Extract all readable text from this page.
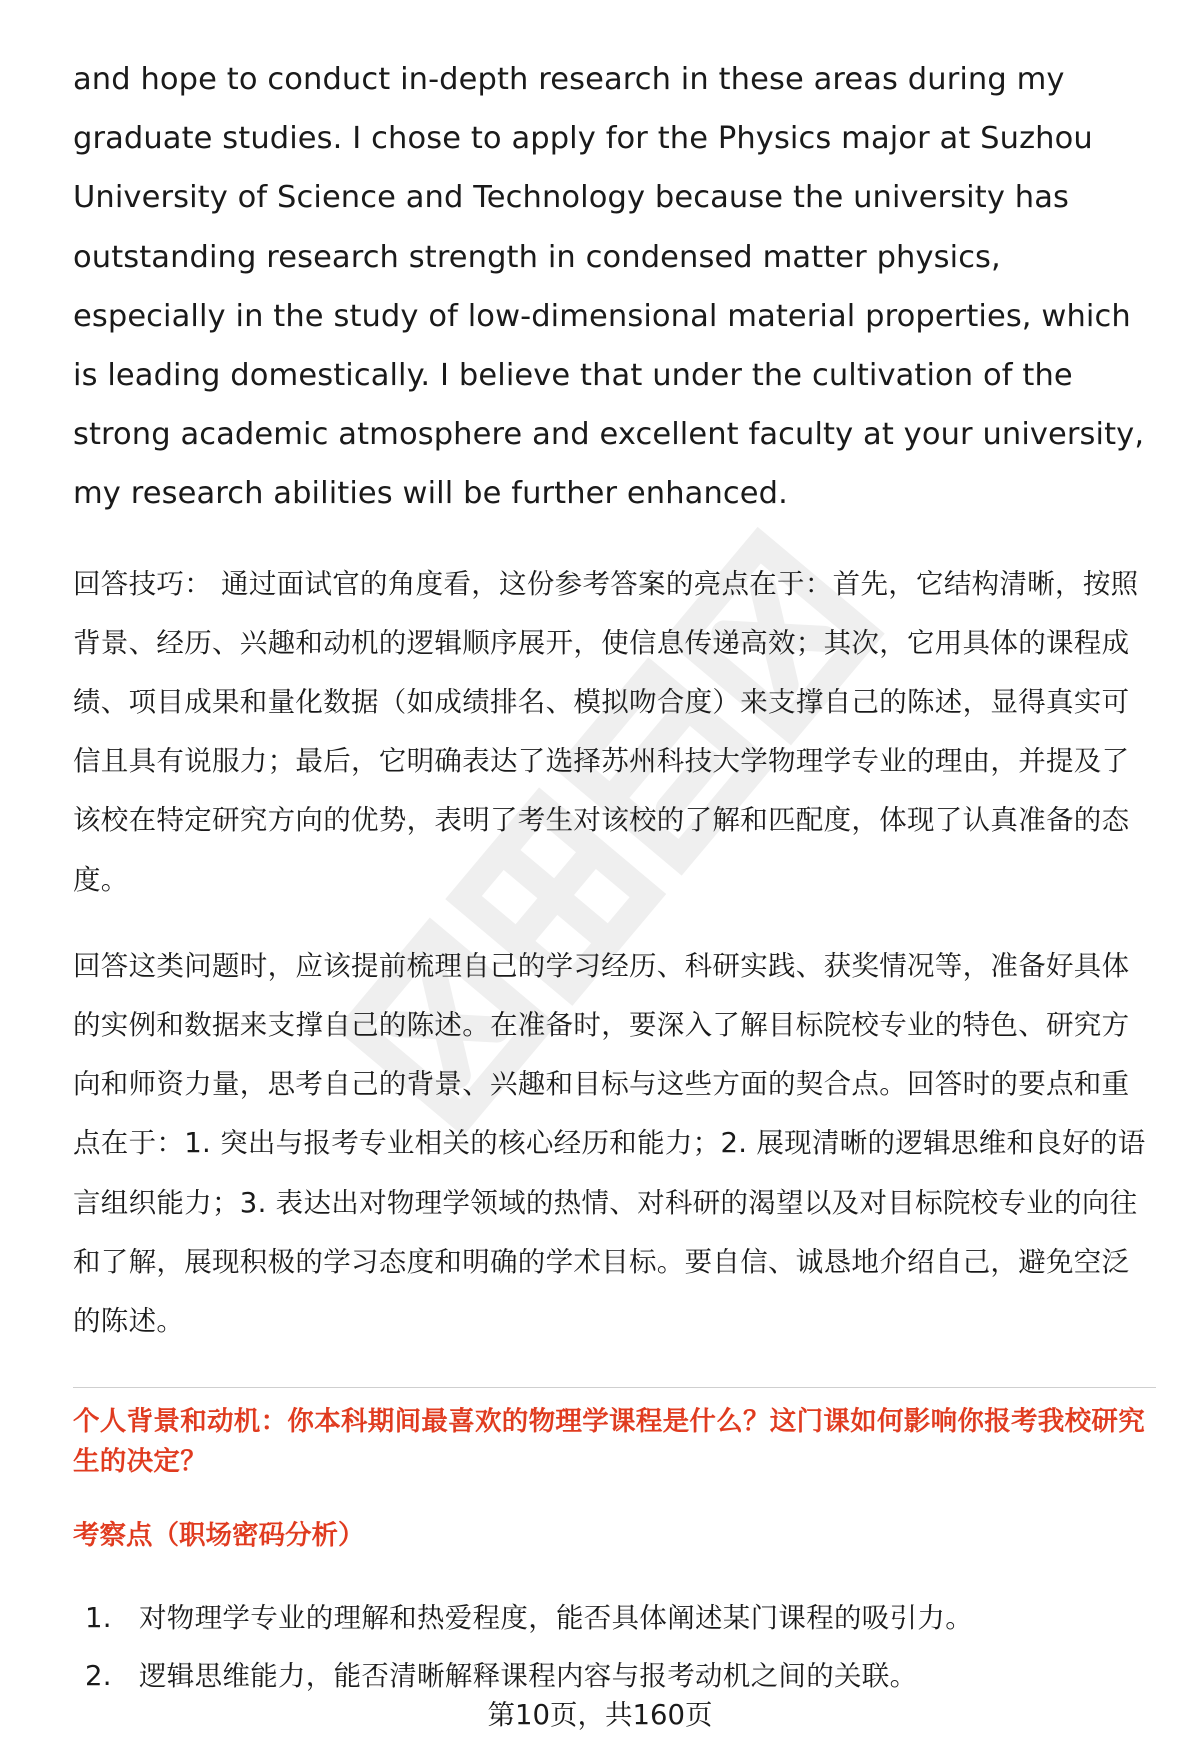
and hope to conduct in-depth research in these areas during my graduate studies. I chose to apply for the Physics major at Suzhou University of Science and Technology because the university has outstanding research strength in condensed matter physics, especially in the study of low-dimensional material properties, which is leading domestically. I believe that under the cultivation of the strong academic atmosphere and excellent faculty at your university, my research abilities will be further enhanced.

回答技巧： 通过面试官的角度看，这份参考答案的亮点在于：首先，它结构清晰，按照背景、经历、兴趣和动机的逻辑顺序展开，使信息传递高效；其次，它用具体的课程成绩、项目成果和量化数据（如成绩排名、模拟吻合度）来支撑自己的陈述，显得真实可信且具有说服力；最后，它明确表达了选择苏州科技大学物理学专业的理由，并提及了该校在特定研究方向的优势，表明了考生对该校的了解和匹配度，体现了认真准备的态度。

回答这类问题时，应该提前梳理自己的学习经历、科研实践、获奖情况等，准备好具体的实例和数据来支撑自己的陈述。在准备时，要深入了解目标院校专业的特色、研究方向和师资力量，思考自己的背景、兴趣和目标与这些方面的契合点。回答时的要点和重点在于：1. 突出与报考专业相关的核心经历和能力；2. 展现清晰的逻辑思维和良好的语言组织能力；3. 表达出对物理学领域的热情、对科研的渴望以及对目标院校专业的向往和了解，展现积极的学习态度和明确的学术目标。要自信、诚恳地介绍自己，避免空泛的陈述。

个人背景和动机：你本科期间最喜欢的物理学课程是什么？这门课如何影响你报考我校研究生的决定？

考察点（职场密码分析）

1. 对物理学专业的理解和热爱程度，能否具体阐述某门课程的吸引力。
2. 逻辑思维能力，能否清晰解释课程内容与报考动机之间的关联。
第10页，共160页
